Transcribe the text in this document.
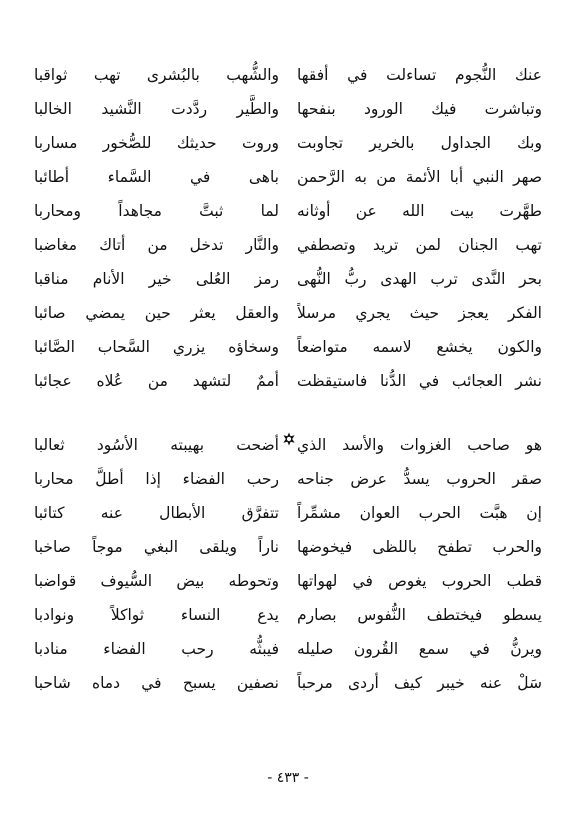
عنك النُّجوم تساءلت في أفقها
والشُّهب بالبُشرى تهب ثواقبا
وتباشرت فيك الورود بنفحها
والطَّير ردَّدت النَّشيد الخالبا
وبك الجداول بالخرير تجاوبت
وروت حديثك للصُّخور مساربا
صهر النبي أبا الأئمة من به الرَّحمن
باهى في السَّماء أطائبا
طهَّرت بيت الله عن أوثانه
لما ثبتَّ مجاهداً ومحاربا
تهب الجنان لمن تريد وتصطفي
والنَّار تدخل من أتاك مغاضبا
بحر النَّدى ترب الهدى ربُّ النُّهى
رمز العُلى خير الأنام مناقبا
الفكر يعجز حيث يجري مرسلاً
والعقل يعثر حين يمضي صائبا
والكون يخشع لاسمه متواضعاً
وسخاؤه يزري السَّحاب الصَّائبا
نشر العجائب في الدُّنا فاستيقظت
أممٌ لتشهد من عُلاه عجائبا
هو صاحب الغزوات والأسد الذي
أضحت بهيبته الأسُود ثعالبا
صقر الحروب يسدُّ عرض جناحه
رحب الفضاء إذا أطلَّ محاربا
إن هبَّت الحرب العوان مشمِّراً
تتفرَّق الأبطال عنه كتائبا
والحرب تطفح باللظى فيخوضها
ناراً ويلقى البغي موجاً صاخبا
قطب الحروب يغوص في لهواتها
وتحوطه بيض السُّيوف قواضبا
يسطو فيختطف النُّفوس بصارم
يدع النساء ثواكلاً ونوادبا
ويرنُّ في سمع القُرون صليله
فيبثُّه رحب الفضاء منادبا
سَلْ عنه خيبر كيف أردى مرحباً
نصفين يسبح في دماه شاحبا
- ٤٣٣ -
